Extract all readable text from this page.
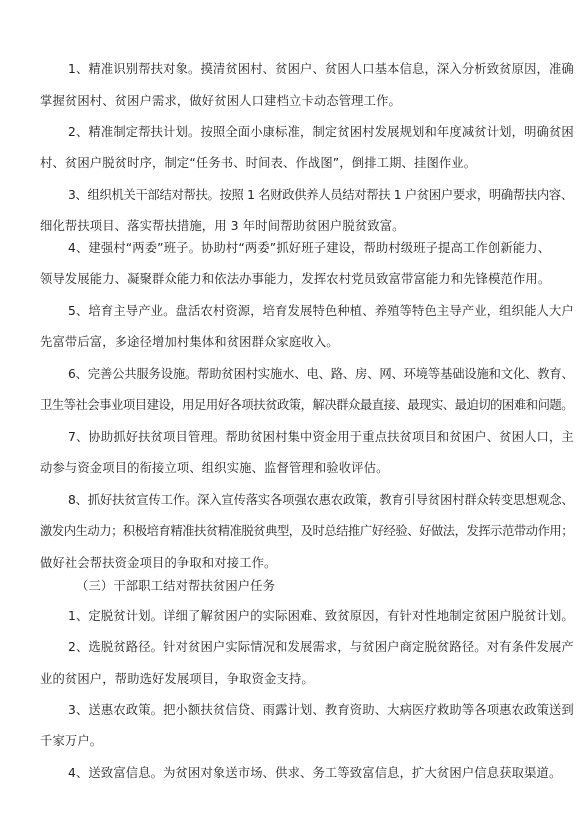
1、精准识别帮扶对象。摸清贫困村、贫困户、贫困人口基本信息，深入分析致贫原因，准确
掌握贫困村、贫困户需求，做好贫困人口建档立卡动态管理工作。
2、精准制定帮扶计划。按照全面小康标准，制定贫困村发展规划和年度减贫计划，明确贫困
村、贫困户脱贫时序，制定“任务书、时间表、作战图”，倒排工期、挂图作业。
3、组织机关干部结对帮扶。按照 1 名财政供养人员结对帮扶 1 户贫困户要求，明确帮扶内容、
细化帮扶项目、落实帮扶措施，用 3 年时间帮助贫困户脱贫致富。
4、建强村“两委”班子。协助村“两委”抓好班子建设，帮助村级班子提高工作创新能力、
领导发展能力、凝聚群众能力和依法办事能力，发挥农村党员致富带富能力和先锋模范作用。
5、培育主导产业。盘活农村资源，培育发展特色种植、养殖等特色主导产业，组织能人大户
先富带后富，多途径增加村集体和贫困群众家庭收入。
6、完善公共服务设施。帮助贫困村实施水、电、路、房、网、环境等基础设施和文化、教育、
卫生等社会事业项目建设，用足用好各项扶贫政策，解决群众最直接、最现实、最迫切的困难和问题。
7、协助抓好扶贫项目管理。帮助贫困村集中资金用于重点扶贫项目和贫困户、贫困人口，主
动参与资金项目的衔接立项、组织实施、监督管理和验收评估。
8、抓好扶贫宣传工作。深入宣传落实各项强农惠农政策，教育引导贫困村群众转变思想观念、
激发内生动力；积极培育精准扶贫精准脱贫典型，及时总结推广好经验、好做法，发挥示范带动作用；
做好社会帮扶资金项目的争取和对接工作。
（三）干部职工结对帮扶贫困户任务
1、定脱贫计划。详细了解贫困户的实际困难、致贫原因，有针对性地制定贫困户脱贫计划。
2、选脱贫路径。针对贫困户实际情况和发展需求，与贫困户商定脱贫路径。对有条件发展产
业的贫困户，帮助选好发展项目，争取资金支持。
3、送惠农政策。把小额扶贫信贷、雨露计划、教育资助、大病医疗救助等各项惠农政策送到
千家万户。
4、送致富信息。为贫困对象送市场、供求、务工等致富信息，扩大贫困户信息获取渠道。
